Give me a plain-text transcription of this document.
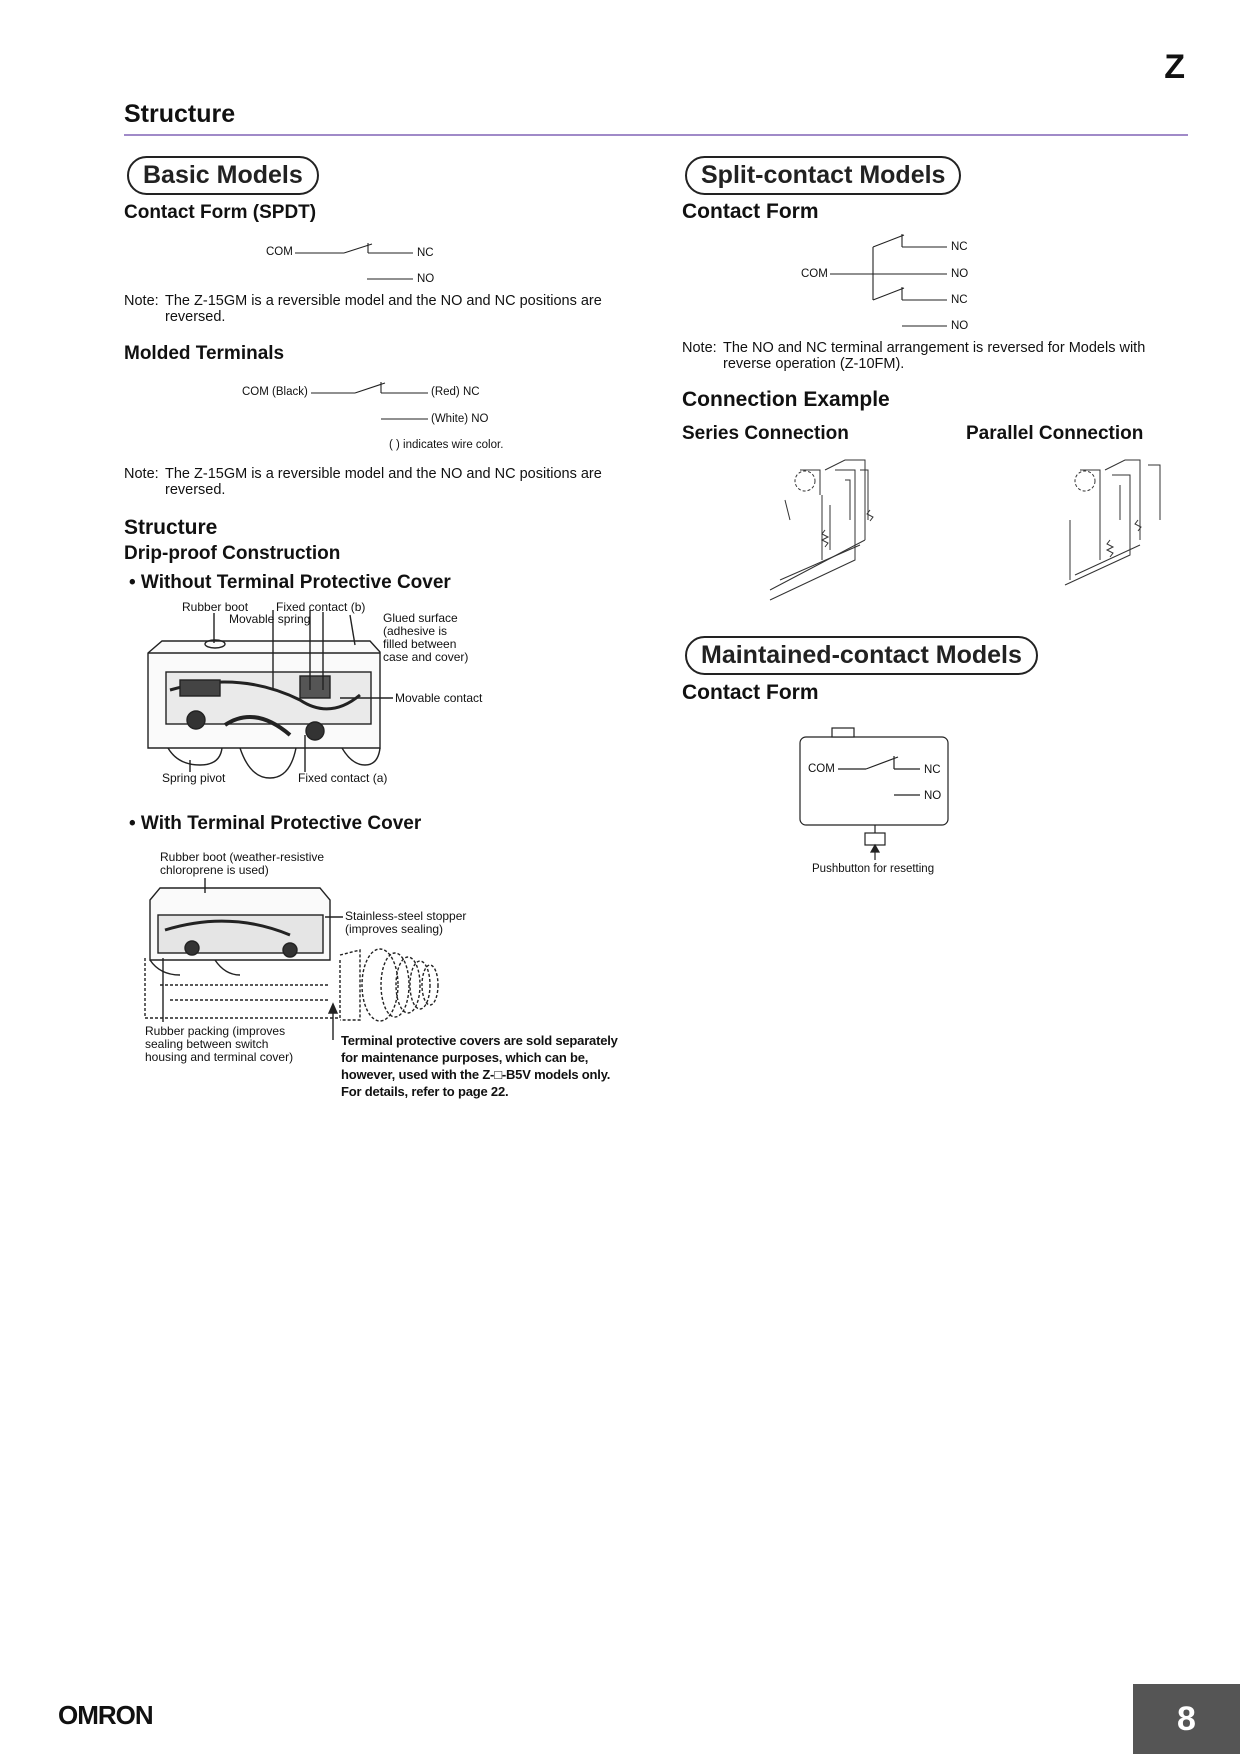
Z
Structure
Basic Models
Contact Form (SPDT)
COM	NC
NO
Note: The Z-15GM is a reversible model and the NO and NC positions are
reversed.
Molded Terminals
COM (Black)	(Red) NC
(White) NO
( ) indicates wire color.
Note: The Z-15GM is a reversible model and the NO and NC positions are
reversed.
Structure
Drip-proof Construction
• Without Terminal Protective Cover
Rubber boot Fixed contact (b)
Movable spring	Glued surface
(adhesive is
filled between
case and cover)
Movable contact
Spring pivot	Fixed contact (a)
• With Terminal Protective Cover
Rubber boot (weather-resistive
chloroprene is used)
Stainless-steel stopper
(improves sealing)
Rubber packing (improves
sealing between switch
housing and terminal cover)
Terminal protective covers are sold separately
for maintenance purposes, which can be,
however, used with the Z-□-B5V models only.
For details, refer to page 22.
Split-contact Models
Contact Form
COM
NC
NO
NC
NO
Note: The NO and NC terminal arrangement is reversed for Models with
reverse operation (Z-10FM).
Connection Example
Series Connection	Parallel Connection
Maintained-contact Models
Contact Form
COM	NC
NO
Pushbutton for resetting
OMRON	8
